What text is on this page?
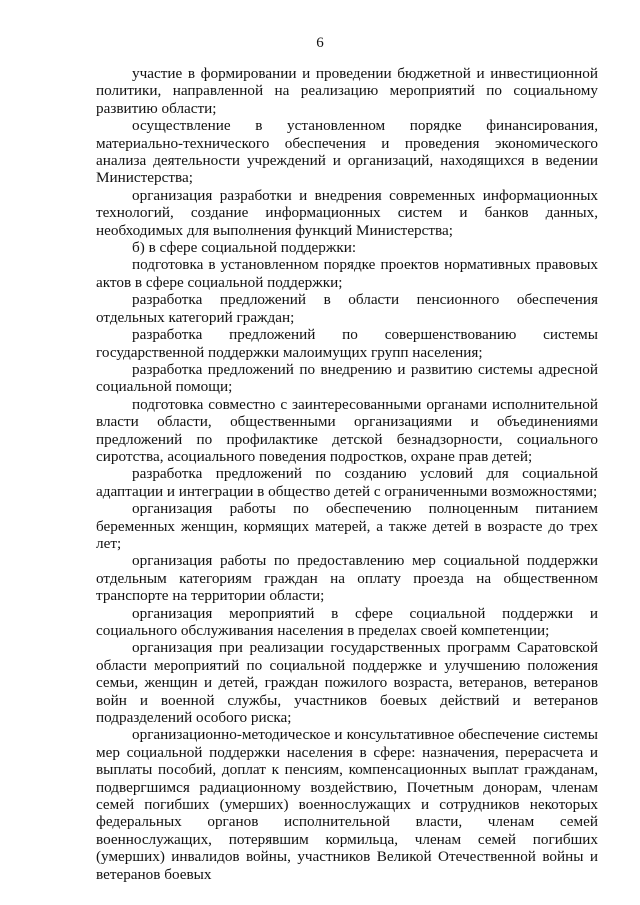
6

участие в формировании и проведении бюджетной и инвестиционной политики, направленной на реализацию мероприятий по социальному развитию области;

осуществление в установленном порядке финансирования, материально-технического обеспечения и проведения экономического анализа деятельности учреждений и организаций, находящихся в ведении Министерства;

организация разработки и внедрения современных информационных технологий, создание информационных систем и банков данных, необходимых для выполнения функций Министерства;

б) в сфере социальной поддержки:

подготовка в установленном порядке проектов нормативных правовых актов в сфере социальной поддержки;

разработка предложений в области пенсионного обеспечения отдельных категорий граждан;

разработка предложений по совершенствованию системы государственной поддержки малоимущих групп населения;

разработка предложений по внедрению и развитию системы адресной социальной помощи;

подготовка совместно с заинтересованными органами исполнительной власти области, общественными организациями и объединениями предложений по профилактике детской безнадзорности, социального сиротства, асоциального поведения подростков, охране прав детей;

разработка предложений по созданию условий для социальной адаптации и интеграции в общество детей с ограниченными возможностями;

организация работы по обеспечению полноценным питанием беременных женщин, кормящих матерей, а также детей в возрасте до трех лет;

организация работы по предоставлению мер социальной поддержки отдельным категориям граждан на оплату проезда на общественном транспорте на территории области;

организация мероприятий в сфере социальной поддержки и социального обслуживания населения в пределах своей компетенции;

организация при реализации государственных программ Саратовской области мероприятий по социальной поддержке и улучшению положения семьи, женщин и детей, граждан пожилого возраста, ветеранов, ветеранов войн и военной службы, участников боевых действий и ветеранов подразделений особого риска;

организационно-методическое и консультативное обеспечение системы мер социальной поддержки населения в сфере: назначения, перерасчета и выплаты пособий, доплат к пенсиям, компенсационных выплат гражданам, подвергшимся радиационному воздействию, Почетным донорам, членам семей погибших (умерших) военнослужащих и сотрудников некоторых федеральных органов исполнительной власти, членам семей военнослужащих, потерявшим кормильца, членам семей погибших (умерших) инвалидов войны, участников Великой Отечественной войны и ветеранов боевых
